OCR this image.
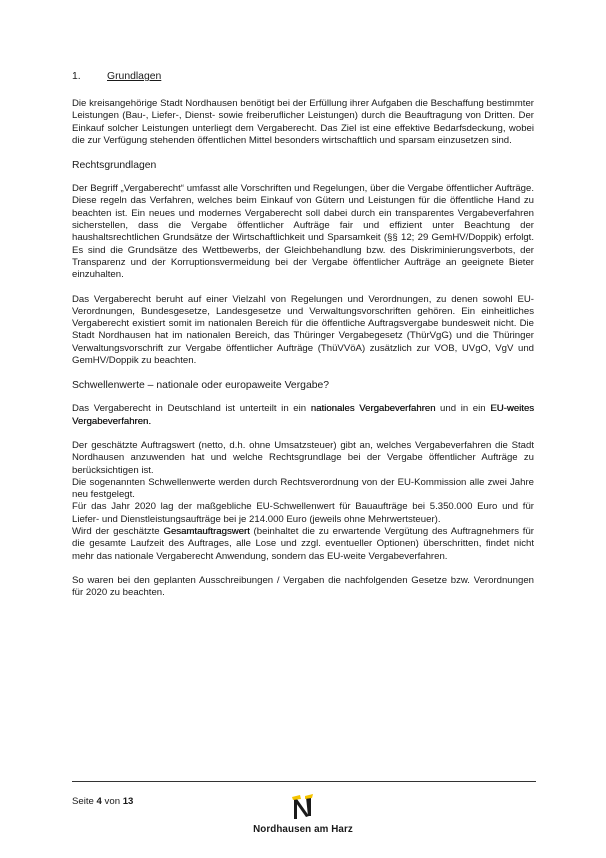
1.	Grundlagen

Die kreisangehörige Stadt Nordhausen benötigt bei der Erfüllung ihrer Aufgaben die Beschaffung bestimmter Leistungen (Bau-, Liefer-, Dienst- sowie freiberuflicher Leistungen) durch die Beauftragung von Dritten. Der Einkauf solcher Leistungen unterliegt dem Vergaberecht. Das Ziel ist eine effektive Bedarfsdeckung, wobei die zur Verfügung stehenden öffentlichen Mittel besonders wirtschaftlich und sparsam einzusetzen sind.

Rechtsgrundlagen

Der Begriff „Vergaberecht“ umfasst alle Vorschriften und Regelungen, über die Vergabe öffentlicher Aufträge. Diese regeln das Verfahren, welches beim Einkauf von Gütern und Leistungen für die öffentliche Hand zu beachten ist. Ein neues und modernes Vergaberecht soll dabei durch ein transparentes Vergabeverfahren sicherstellen, dass die Vergabe öffentlicher Aufträge fair und effizient unter Beachtung der haushaltsrechtlichen Grundsätze der Wirtschaftlichkeit und Sparsamkeit (§§ 12; 29 GemHV/Doppik) erfolgt. Es sind die Grundsätze des Wettbewerbs, der Gleichbehandlung bzw. des Diskriminierungsverbots, der Transparenz und der Korruptionsvermeidung bei der Vergabe öffentlicher Aufträge an geeignete Bieter einzuhalten.

Das Vergaberecht beruht auf einer Vielzahl von Regelungen und Verordnungen, zu denen sowohl EU-Verordnungen, Bundesgesetze, Landesgesetze und Verwaltungsvorschriften gehören. Ein einheitliches Vergaberecht existiert somit im nationalen Bereich für die öffentliche Auftragsvergabe bundesweit nicht. Die Stadt Nordhausen hat im nationalen Bereich, das Thüringer Vergabegesetz (ThürVgG) und die Thüringer Verwaltungsvorschrift zur Vergabe öffentlicher Aufträge (ThüVVöA) zusätzlich zur VOB, UVgO, VgV und GemHV/Doppik zu beachten.

Schwellenwerte – nationale oder europaweite Vergabe?

Das Vergaberecht in Deutschland ist unterteilt in ein nationales Vergabeverfahren und in ein EU-weites Vergabeverfahren.

Der geschätzte Auftragswert (netto, d.h. ohne Umsatzsteuer) gibt an, welches Vergabeverfahren die Stadt Nordhausen anzuwenden hat und welche Rechtsgrundlage bei der Vergabe öffentlicher Aufträge zu berücksichtigen ist.

Die sogenannten Schwellenwerte werden durch Rechtsverordnung von der EU-Kommission alle zwei Jahre neu festgelegt.

Für das Jahr 2020 lag der maßgebliche EU-Schwellenwert für Bauaufträge bei 5.350.000 Euro und für Liefer- und Dienstleistungsaufträge bei je 214.000 Euro (jeweils ohne Mehrwertsteuer).

Wird der geschätzte Gesamtauftragswert (beinhaltet die zu erwartende Vergütung des Auftragnehmers für die gesamte Laufzeit des Auftrages, alle Lose und zzgl. eventueller Optionen) überschritten, findet nicht mehr das nationale Vergaberecht Anwendung, sondern das EU-weite Vergabeverfahren.

So waren bei den geplanten Ausschreibungen / Vergaben die nachfolgenden Gesetze bzw. Verordnungen für 2020 zu beachten.

Seite 4 von 13
Nordhausen am Harz
